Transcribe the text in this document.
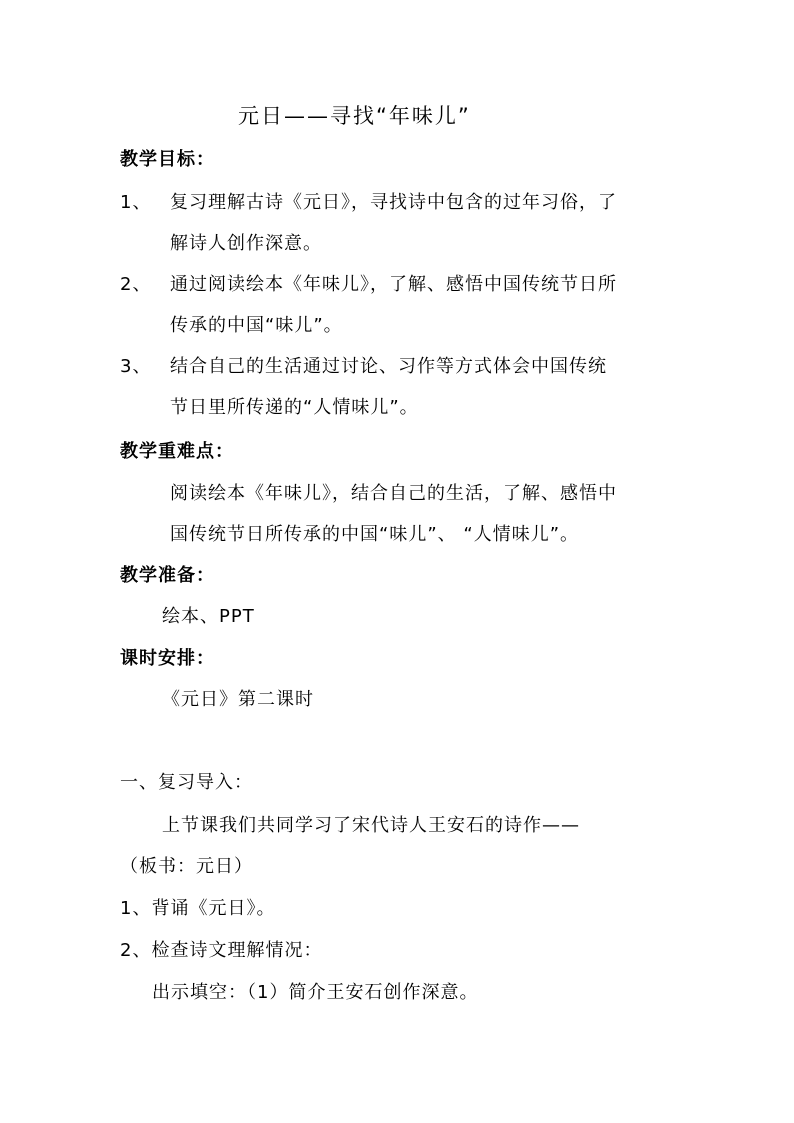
元日——寻找“年味儿”
教学目标：
1、 复习理解古诗《元日》，寻找诗中包含的过年习俗，了
解诗人创作深意。
2、 通过阅读绘本《年味儿》，了解、感悟中国传统节日所
传承的中国“味儿”。
3、 结合自己的生活通过讨论、习作等方式体会中国传统
节日里所传递的“人情味儿”。
教学重难点：
阅读绘本《年味儿》，结合自己的生活，了解、感悟中
国传统节日所传承的中国“味儿”、 “人情味儿”。
教学准备：
绘本、PPT
课时安排：
《元日》第二课时
一、复习导入：
上节课我们共同学习了宋代诗人王安石的诗作——
（板书：元日）
1、背诵《元日》。
2、检查诗文理解情况：
出示填空：（1）简介王安石创作深意。
